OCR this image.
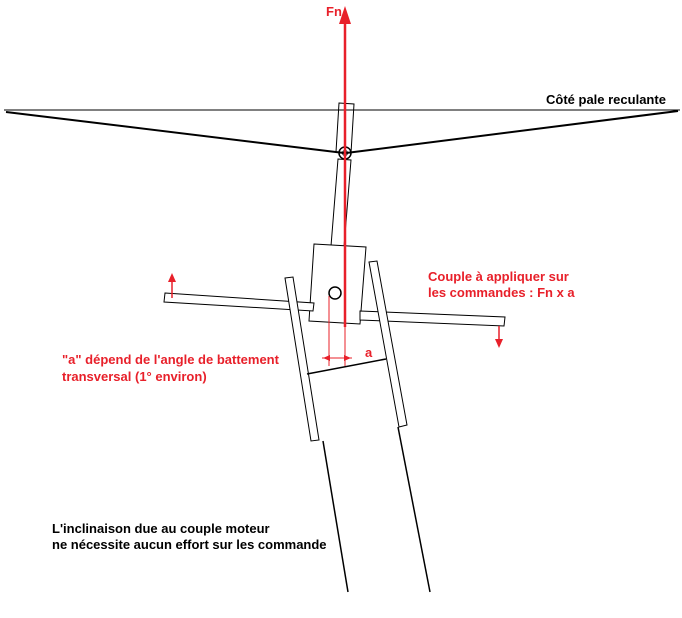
Fn
Côté pale reculante
Couple à appliquer sur
les commandes : Fn x a
"a" dépend de l'angle de battement
transversal (1° environ)
a
L'inclinaison due au couple moteur
ne nécessite aucun effort sur les commande
